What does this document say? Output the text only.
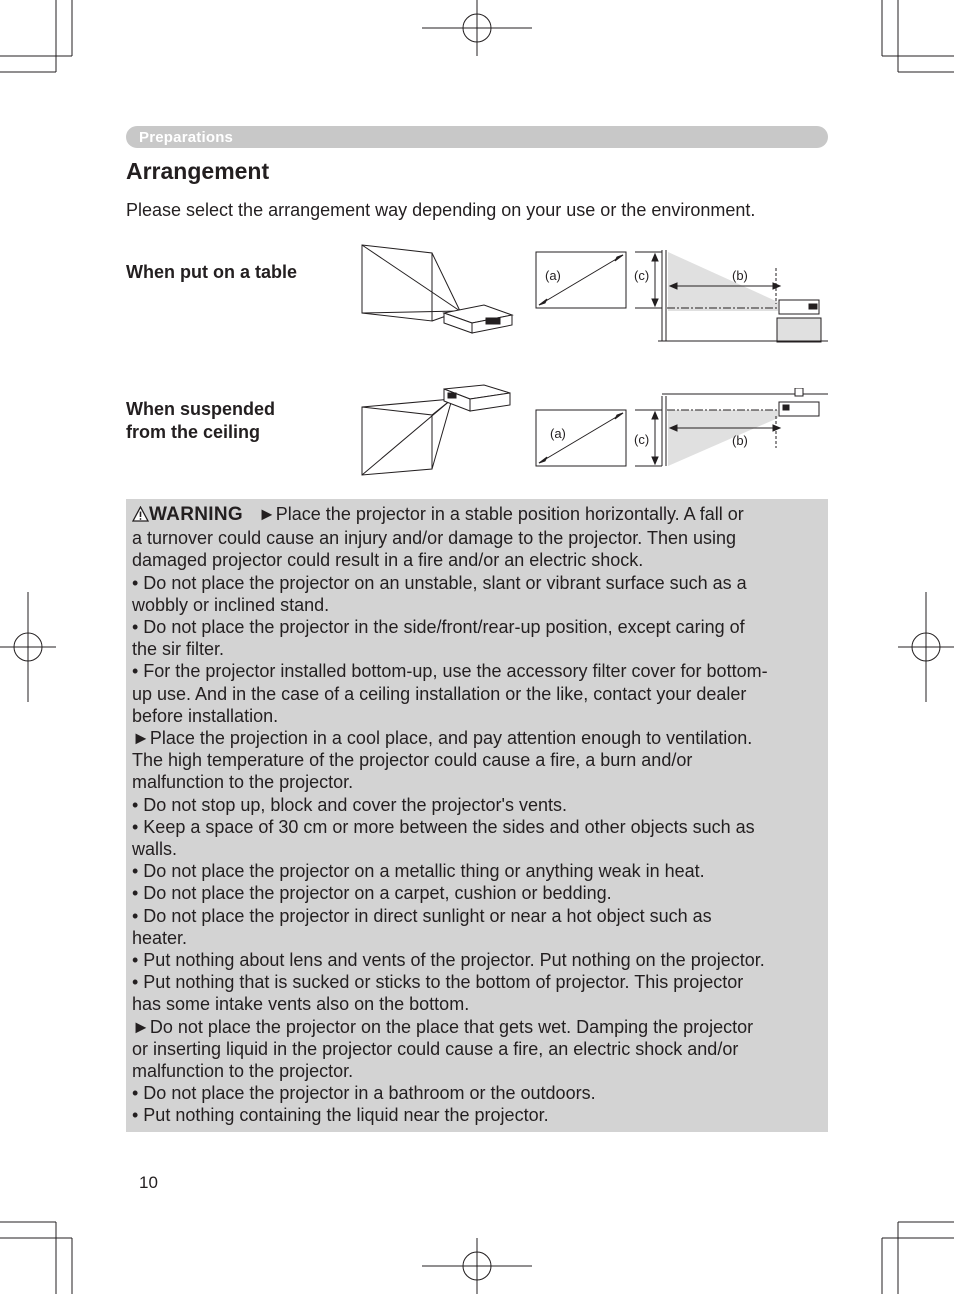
Preparations
Arrangement
Please select the arrangement way depending on your use or the environment.
When put on a table	(a)	(c)	(b)
When suspended
from the ceiling	(a)	(c)	(b)

WARNING ►Place the projector in a stable position horizontally. A fall or

a turnover could cause an injury and/or damage to the projector. Then using

damaged projector could result in a fire and/or an electric shock.

• Do not place the projector on an unstable, slant or vibrant surface such as a

wobbly or inclined stand.

• Do not place the projector in the side/front/rear-up position, except caring of

the sir filter.

• For the projector installed bottom-up, use the accessory filter cover for bottom-

up use. And in the case of a ceiling installation or the like, contact your dealer

before installation.

►Place the projection in a cool place, and pay attention enough to ventilation.

The high temperature of the projector could cause a fire, a burn and/or

malfunction to the projector.

• Do not stop up, block and cover the projector's vents.

• Keep a space of 30 cm or more between the sides and other objects such as

walls.

• Do not place the projector on a metallic thing or anything weak in heat.

• Do not place the projector on a carpet, cushion or bedding.

• Do not place the projector in direct sunlight or near a hot object such as

heater.

• Put nothing about lens and vents of the projector. Put nothing on the projector.

• Put nothing that is sucked or sticks to the bottom of projector. This projector

has some intake vents also on the bottom.

►Do not place the projector on the place that gets wet. Damping the projector

or inserting liquid in the projector could cause a fire, an electric shock and/or

malfunction to the projector.

• Do not place the projector in a bathroom or the outdoors.

• Put nothing containing the liquid near the projector.

10
